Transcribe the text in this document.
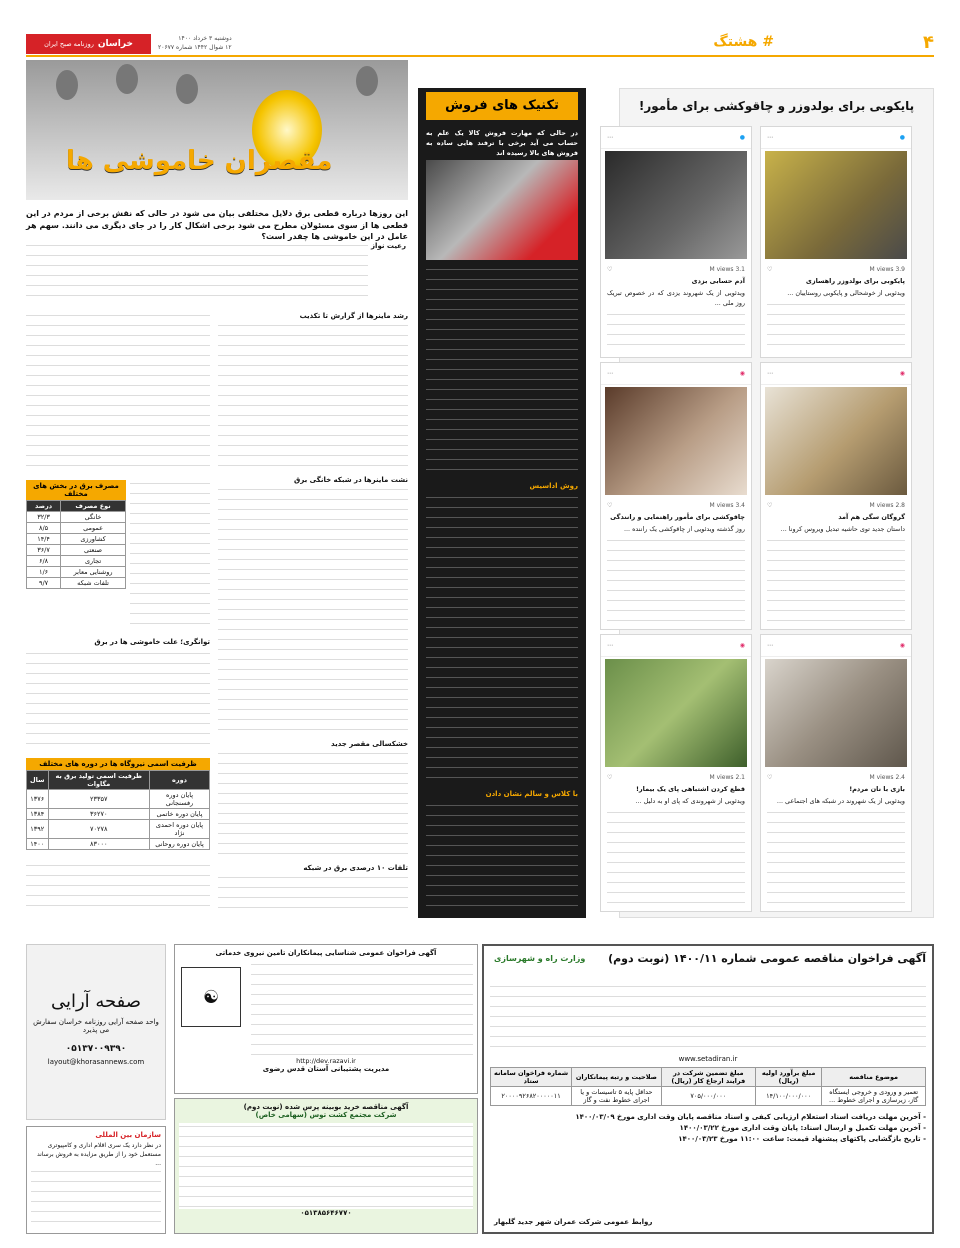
۴
# هشتگ
خراسان
روزنامه صبح ایران
دوشنبه ۳ خرداد ۱۴۰۰
۱۲ شوال ۱۴۴۲ شماره ۲۰۶۷۷
پایکوبی برای بولدوزر و چاقوکشی برای مأمور!
●
⋯
3.1 M views
♡
آدم حسابی بزدی

ویدئویی از یک شهروند یزدی که در خصوص تبریک روز ملی ...

●
⋯
3.9 M views
♡
پایکوبی برای بولدوزر راهسازی

ویدئویی از خوشحالی و پایکوبی روستاییان ...

◉
⋯
3.4 M views
♡
چاقوکشی برای مأمور راهنمایی و رانندگی

روز گذشته ویدئویی از چاقوکشی یک راننده ...

◉
⋯
2.8 M views
♡
گروگان سگی هم آمد

داستان جدید توی حاشیه تبدیل ویروس کرونا ...

◉
⋯
2.1 M views
♡
قطع کردن اشتباهی پای یک بیمار!

ویدئویی از شهروندی که پای او به دلیل ...

◉
⋯
2.4 M views
♡
بازی با نان مردم!

ویدئویی از یک شهروند در شبکه های اجتماعی ...

تکنیک های فروش
در حالی که مهارت فروش کالا یک علم به حساب می آید برخی با ترفند هایی ساده به فروش های بالا رسیده اند
روش اداسیس
با کلاس و سالم نشان دادن
مقصران خاموشی ها
این روزها درباره قطعی برق دلایل مختلفی بیان می شود در حالی که نقش برخی از مردم در این قطعی ها از سوی مسئولان مطرح می شود برخی اشکال کار را در جای دیگری می دانند. سهم هر عامل در این خاموشی ها چقدر است؟
رعیت نواز
رشد ماینرها از گزارش تا تکذیب
نشت ماینرها در شبکه خانگی برق
خشکسالی مقصر جدید
تلفات ۱۰ درصدی برق در شبکه
مصرف برق در بخش های مختلف
نوع مصرف	درصد
خانگی	۳۲/۳
عمومی	۸/۵
کشاورزی	۱۴/۴
صنعتی	۳۶/۷
تجاری	۶/۸
روشنایی معابر	۱/۶
تلفات شبکه	۹/۷
توانگری؛ علت خاموشی ها در برق
ظرفیت اسمی نیروگاه ها در دوره های مختلف
دوره	ظرفیت اسمی تولید برق به مگاوات	سال
پایان دوره رفسنجانی	۲۳۳۵۷	۱۳۷۶
پایان دوره خاتمی	۳۶۲۷۰	۱۳۸۴
پایان دوره احمدی نژاد	۷۰۲۷۸	۱۳۹۲
پایان دوره روحانی	۸۳۰۰۰	۱۴۰۰
آگهی فراخوان مناقصه عمومی شماره ۱۴۰۰/۱۱ (نوبت دوم)
وزارت راه و شهرسازی
www.setadiran.ir
موضوع مناقصه	مبلغ برآورد اولیه (ریال)	مبلغ تضمین شرکت در فرایند ارجاع کار (ریال)	صلاحیت و رتبه پیمانکاران	شماره فراخوان سامانه ستاد
تعمیر و ورودی و خروجی ایستگاه گاز، زیرسازی و اجرای خطوط ...	۱۴/۱۰۰/۰۰۰/۰۰۰	۷۰۵/۰۰۰/۰۰۰	حداقل پایه ۵ تاسیسات و یا اجرای خطوط نفت و گاز	۲۰۰۰۰۹۲۶۸۲۰۰۰۰۰۱۱
- آخرین مهلت دریافت اسناد استعلام ارزیابی کیفی و اسناد مناقصه پایان وقت اداری مورخ ۱۴۰۰/۰۳/۰۹
- آخرین مهلت تکمیل و ارسال اسناد: پایان وقت اداری مورخ ۱۴۰۰/۰۳/۲۲
- تاریخ بازگشایی پاکتهای پیشنهاد قیمت: ساعت ۱۱:۰۰ مورخ ۱۴۰۰/۰۳/۲۳
روابط عمومی شرکت عمران شهر جدید گلبهار
آگهی فراخوان عمومی شناسایی پیمانکاران تامین نیروی خدماتی
☯
http://dev.razavi.ir
مدیریت پشتیبانی آستان قدس رضوی
آگهی مناقصه خرید بوبینه پرس شده (نوبت دوم)
شرکت مجتمع کشت توس (سهامی خاص)
۰۵۱۳۸۵۶۴۶۷۷۰
صفحه آرایی
واحد صفحه آرایی روزنامه خراسان سفارش می پذیرد
۰۵۱۳۷۰۰۹۳۹۰
layout@khorasannews.com
سازمان بین المللی
در نظر دارد یک سری اقلام اداری و کامپیوتری مستعمل خود را از طریق مزایده به فروش برساند ...
